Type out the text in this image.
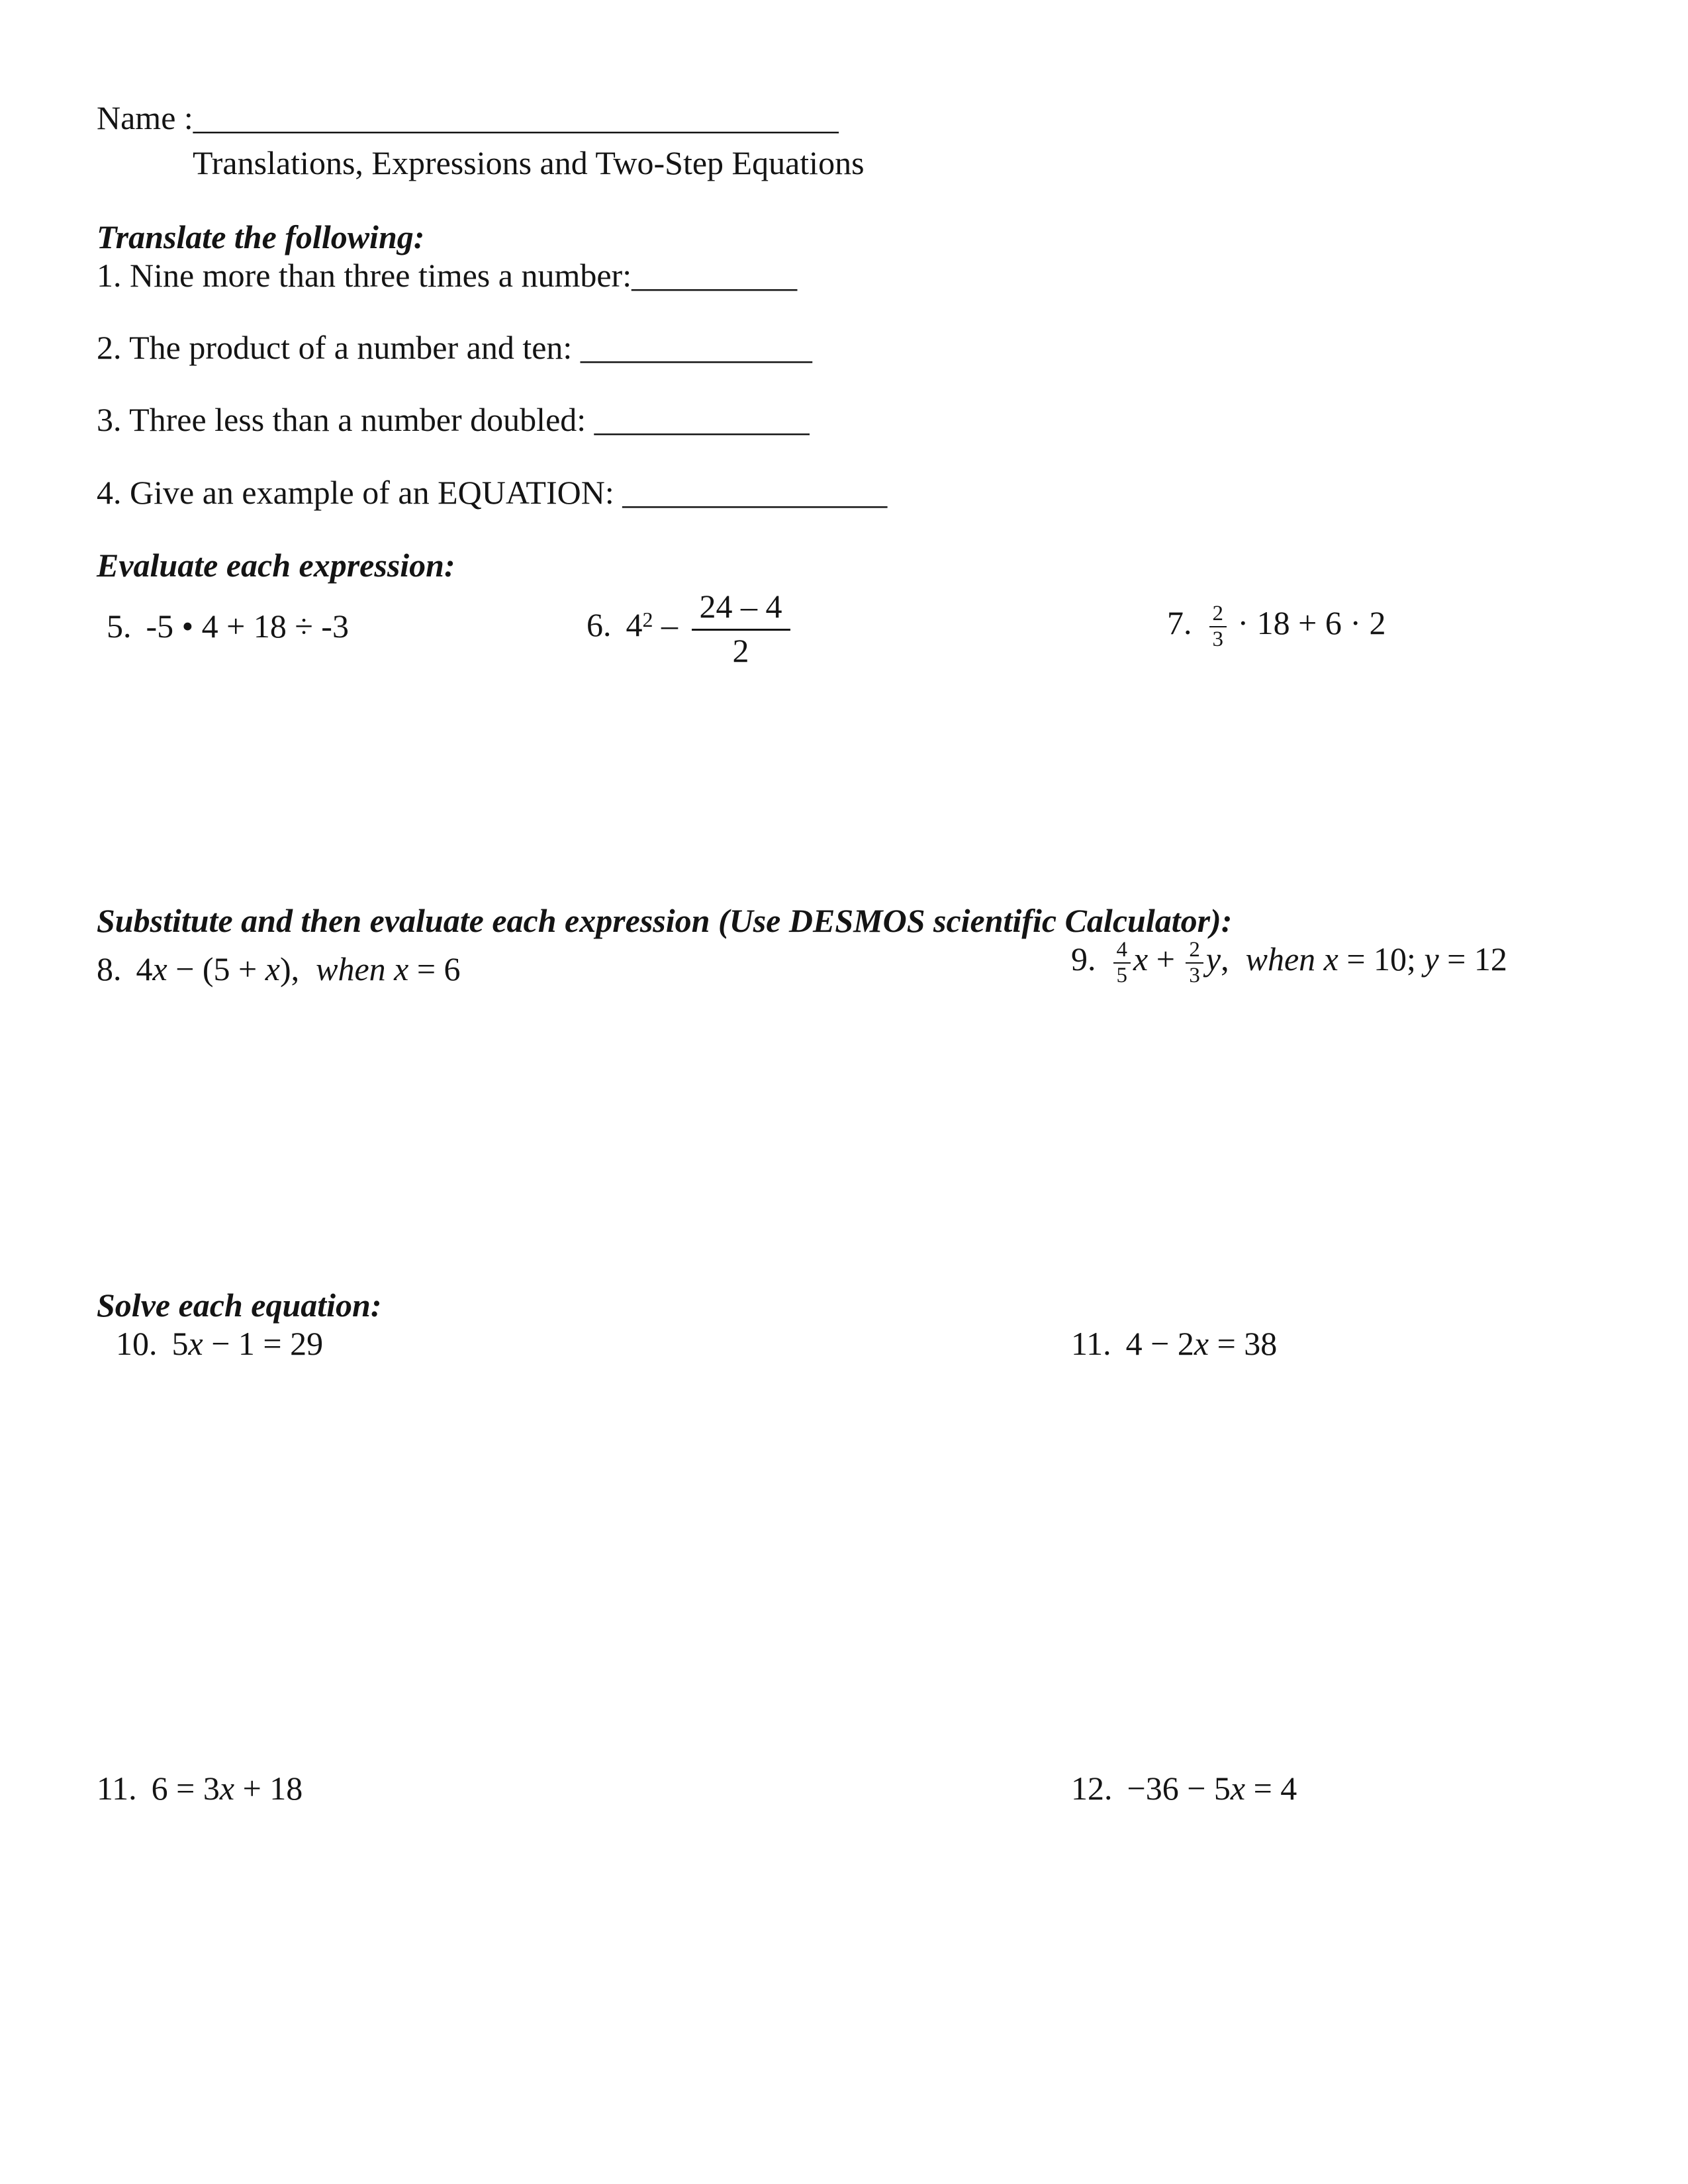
Name :_______________________________________
Translations, Expressions and Two-Step Equations
Translate the following:
1. Nine more than three times a number:__________
2. The product of a number and ten: ______________
3. Three less than a number doubled: _____________
4. Give an example of an EQUATION: ________________
Evaluate each expression:
5. -5 • 4 + 18 ÷ -3	6. $4^2 - \frac{24 - 4}{2}$	7. $\frac{2}{3} \cdot 18 + 6 \cdot 2$
Substitute and then evaluate each expression (Use DESMOS scientific Calculator):
8. 4x − (5 + x),  when x = 6	9. $\frac{4}{5}$ $x + \frac{2}{3} y$,  when x = 10; y = 12
Solve each equation:
10. 5x − 1 = 29	11. 4 − 2x = 38
11. 6 = 3x + 18	12. −36 − 5x = 4
